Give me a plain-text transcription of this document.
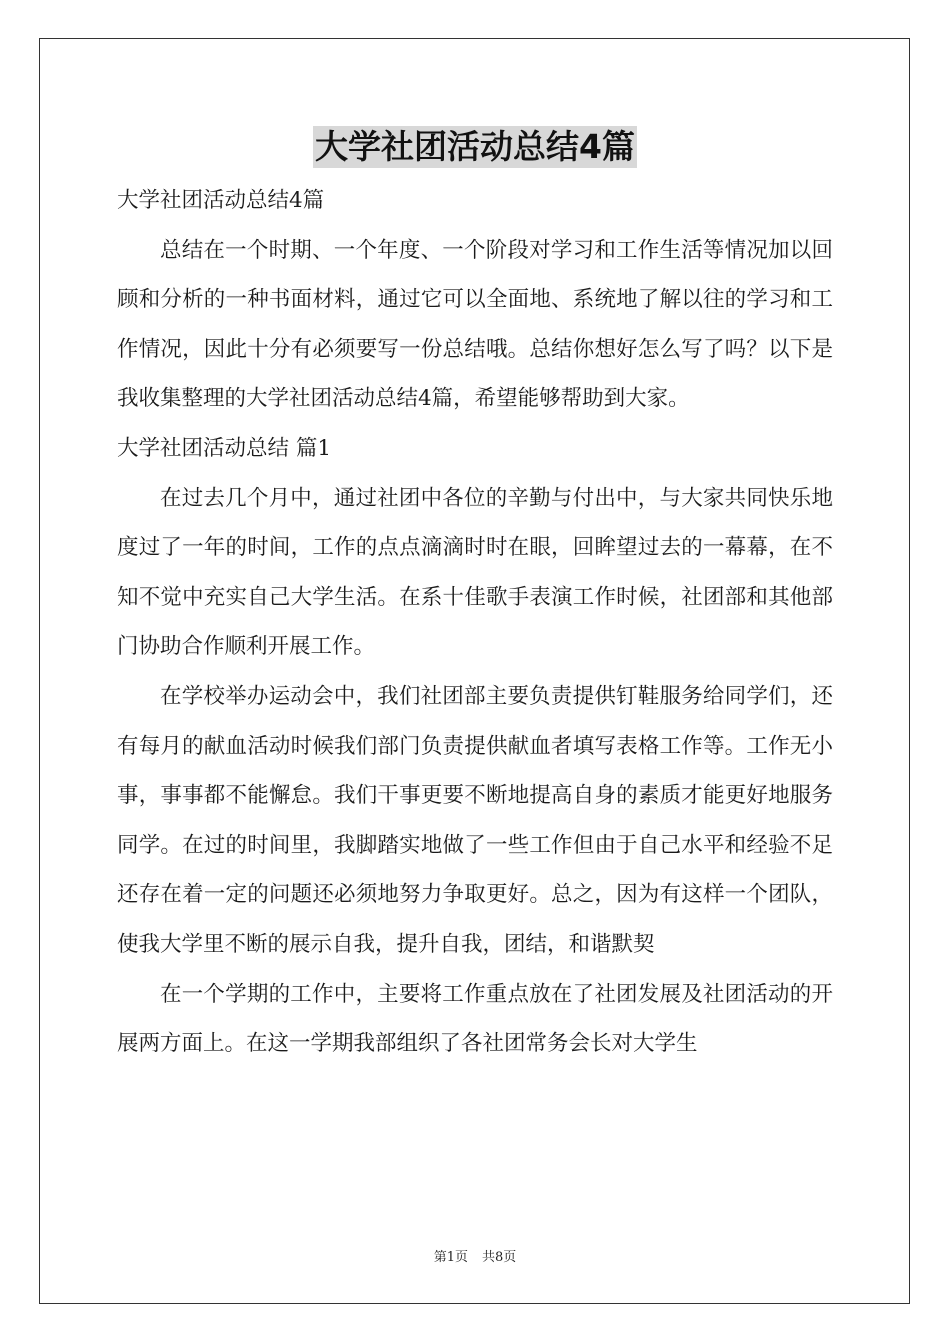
大学社团活动总结4篇

大学社团活动总结4篇

总结在一个时期、一个年度、一个阶段对学习和工作生活等情况加以回顾和分析的一种书面材料，通过它可以全面地、系统地了解以往的学习和工作情况，因此十分有必须要写一份总结哦。总结你想好怎么写了吗？以下是我收集整理的大学社团活动总结4篇，希望能够帮助到大家。

大学社团活动总结 篇1

在过去几个月中，通过社团中各位的辛勤与付出中，与大家共同快乐地度过了一年的时间，工作的点点滴滴时时在眼，回眸望过去的一幕幕，在不知不觉中充实自己大学生活。在系十佳歌手表演工作时候，社团部和其他部门协助合作顺利开展工作。

在学校举办运动会中，我们社团部主要负责提供钉鞋服务给同学们，还有每月的献血活动时候我们部门负责提供献血者填写表格工作等。工作无小事，事事都不能懈怠。我们干事更要不断地提高自身的素质才能更好地服务同学。在过的时间里，我脚踏实地做了一些工作但由于自己水平和经验不足还存在着一定的问题还必须地努力争取更好。总之，因为有这样一个团队，使我大学里不断的展示自我，提升自我，团结，和谐默契

在一个学期的工作中，主要将工作重点放在了社团发展及社团活动的开展两方面上。在这一学期我部组织了各社团常务会长对大学生

第1页 共8页
